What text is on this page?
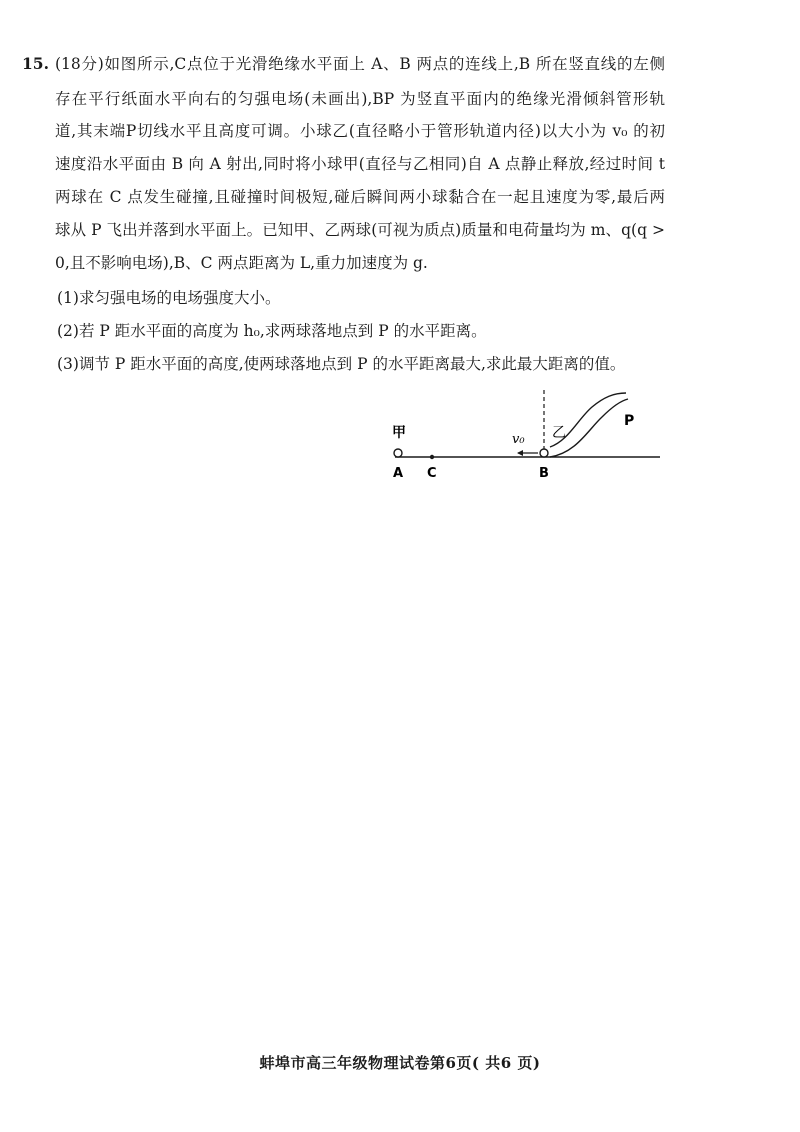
15. (18分)如图所示,C点位于光滑绝缘水平面上 A、B 两点的连线上,B 所在竖直线的左侧
存在平行纸面水平向右的匀强电场(未画出),BP 为竖直平面内的绝缘光滑倾斜管形轨
道,其末端P切线水平且高度可调。小球乙(直径略小于管形轨道内径)以大小为 v₀ 的初
速度沿水平面由 B 向 A 射出,同时将小球甲(直径与乙相同)自 A 点静止释放,经过时间 t
两球在 C 点发生碰撞,且碰撞时间极短,碰后瞬间两小球黏合在一起且速度为零,最后两
球从 P 飞出并落到水平面上。已知甲、乙两球(可视为质点)质量和电荷量均为 m、q(q >
0,且不影响电场),B、C 两点距离为 L,重力加速度为 g.
(1)求匀强电场的电场强度大小。
(2)若 P 距水平面的高度为 h₀,求两球落地点到 P 的水平距离。
(3)调节 P 距水平面的高度,使两球落地点到 P 的水平距离最大,求此最大距离的值。
甲	乙
v₀
A C	B
P
蚌埠市高三年级物理试卷第6页( 共6 页)
